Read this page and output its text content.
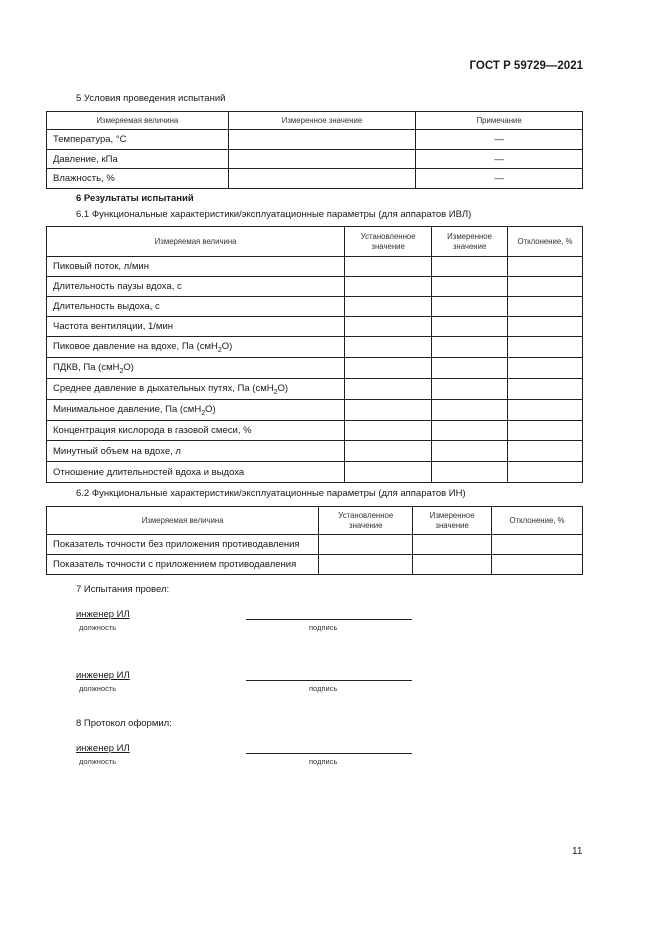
ГОСТ Р 59729—2021
5 Условия проведения испытаний
Измеряемая величина	Измеренное значение	Примечание
Температура, °С		—
Давление, кПа		—
Влажность, %		—
6 Результаты испытаний
6.1 Функциональные характеристики/эксплуатационные параметры (для аппаратов ИВЛ)
Измеряемая величина	Установленное значение	Измеренное значение	Отклонение, %
Пиковый поток, л/мин			
Длительность паузы вдоха, с			
Длительность выдоха, с			
Частота вентиляции, 1/мин			
Пиковое давление на вдохе, Па (смH$_2$O)			
ПДКВ, Па (смH$_2$O)			
Среднее давление в дыхательных путях, Па (смH$_2$O)			
Минимальное давление, Па (смH$_2$O)			
Концентрация кислорода в газовой смеси, %			
Минутный объем на вдохе, л			
Отношение длительностей вдоха и выдоха			
6.2 Функциональные характеристики/эксплуатационные параметры (для аппаратов ИН)
Измеряемая величина	Установленное значение	Измеренное значение	Отклонение, %
Показатель точности без приложения противодавления			
Показатель точности с приложением противодавления			
7 Испытания провел:
инженер ИЛ
должность	подпись
инженер ИЛ
должность	подпись
8 Протокол оформил:
инженер ИЛ
должность	подпись
11
